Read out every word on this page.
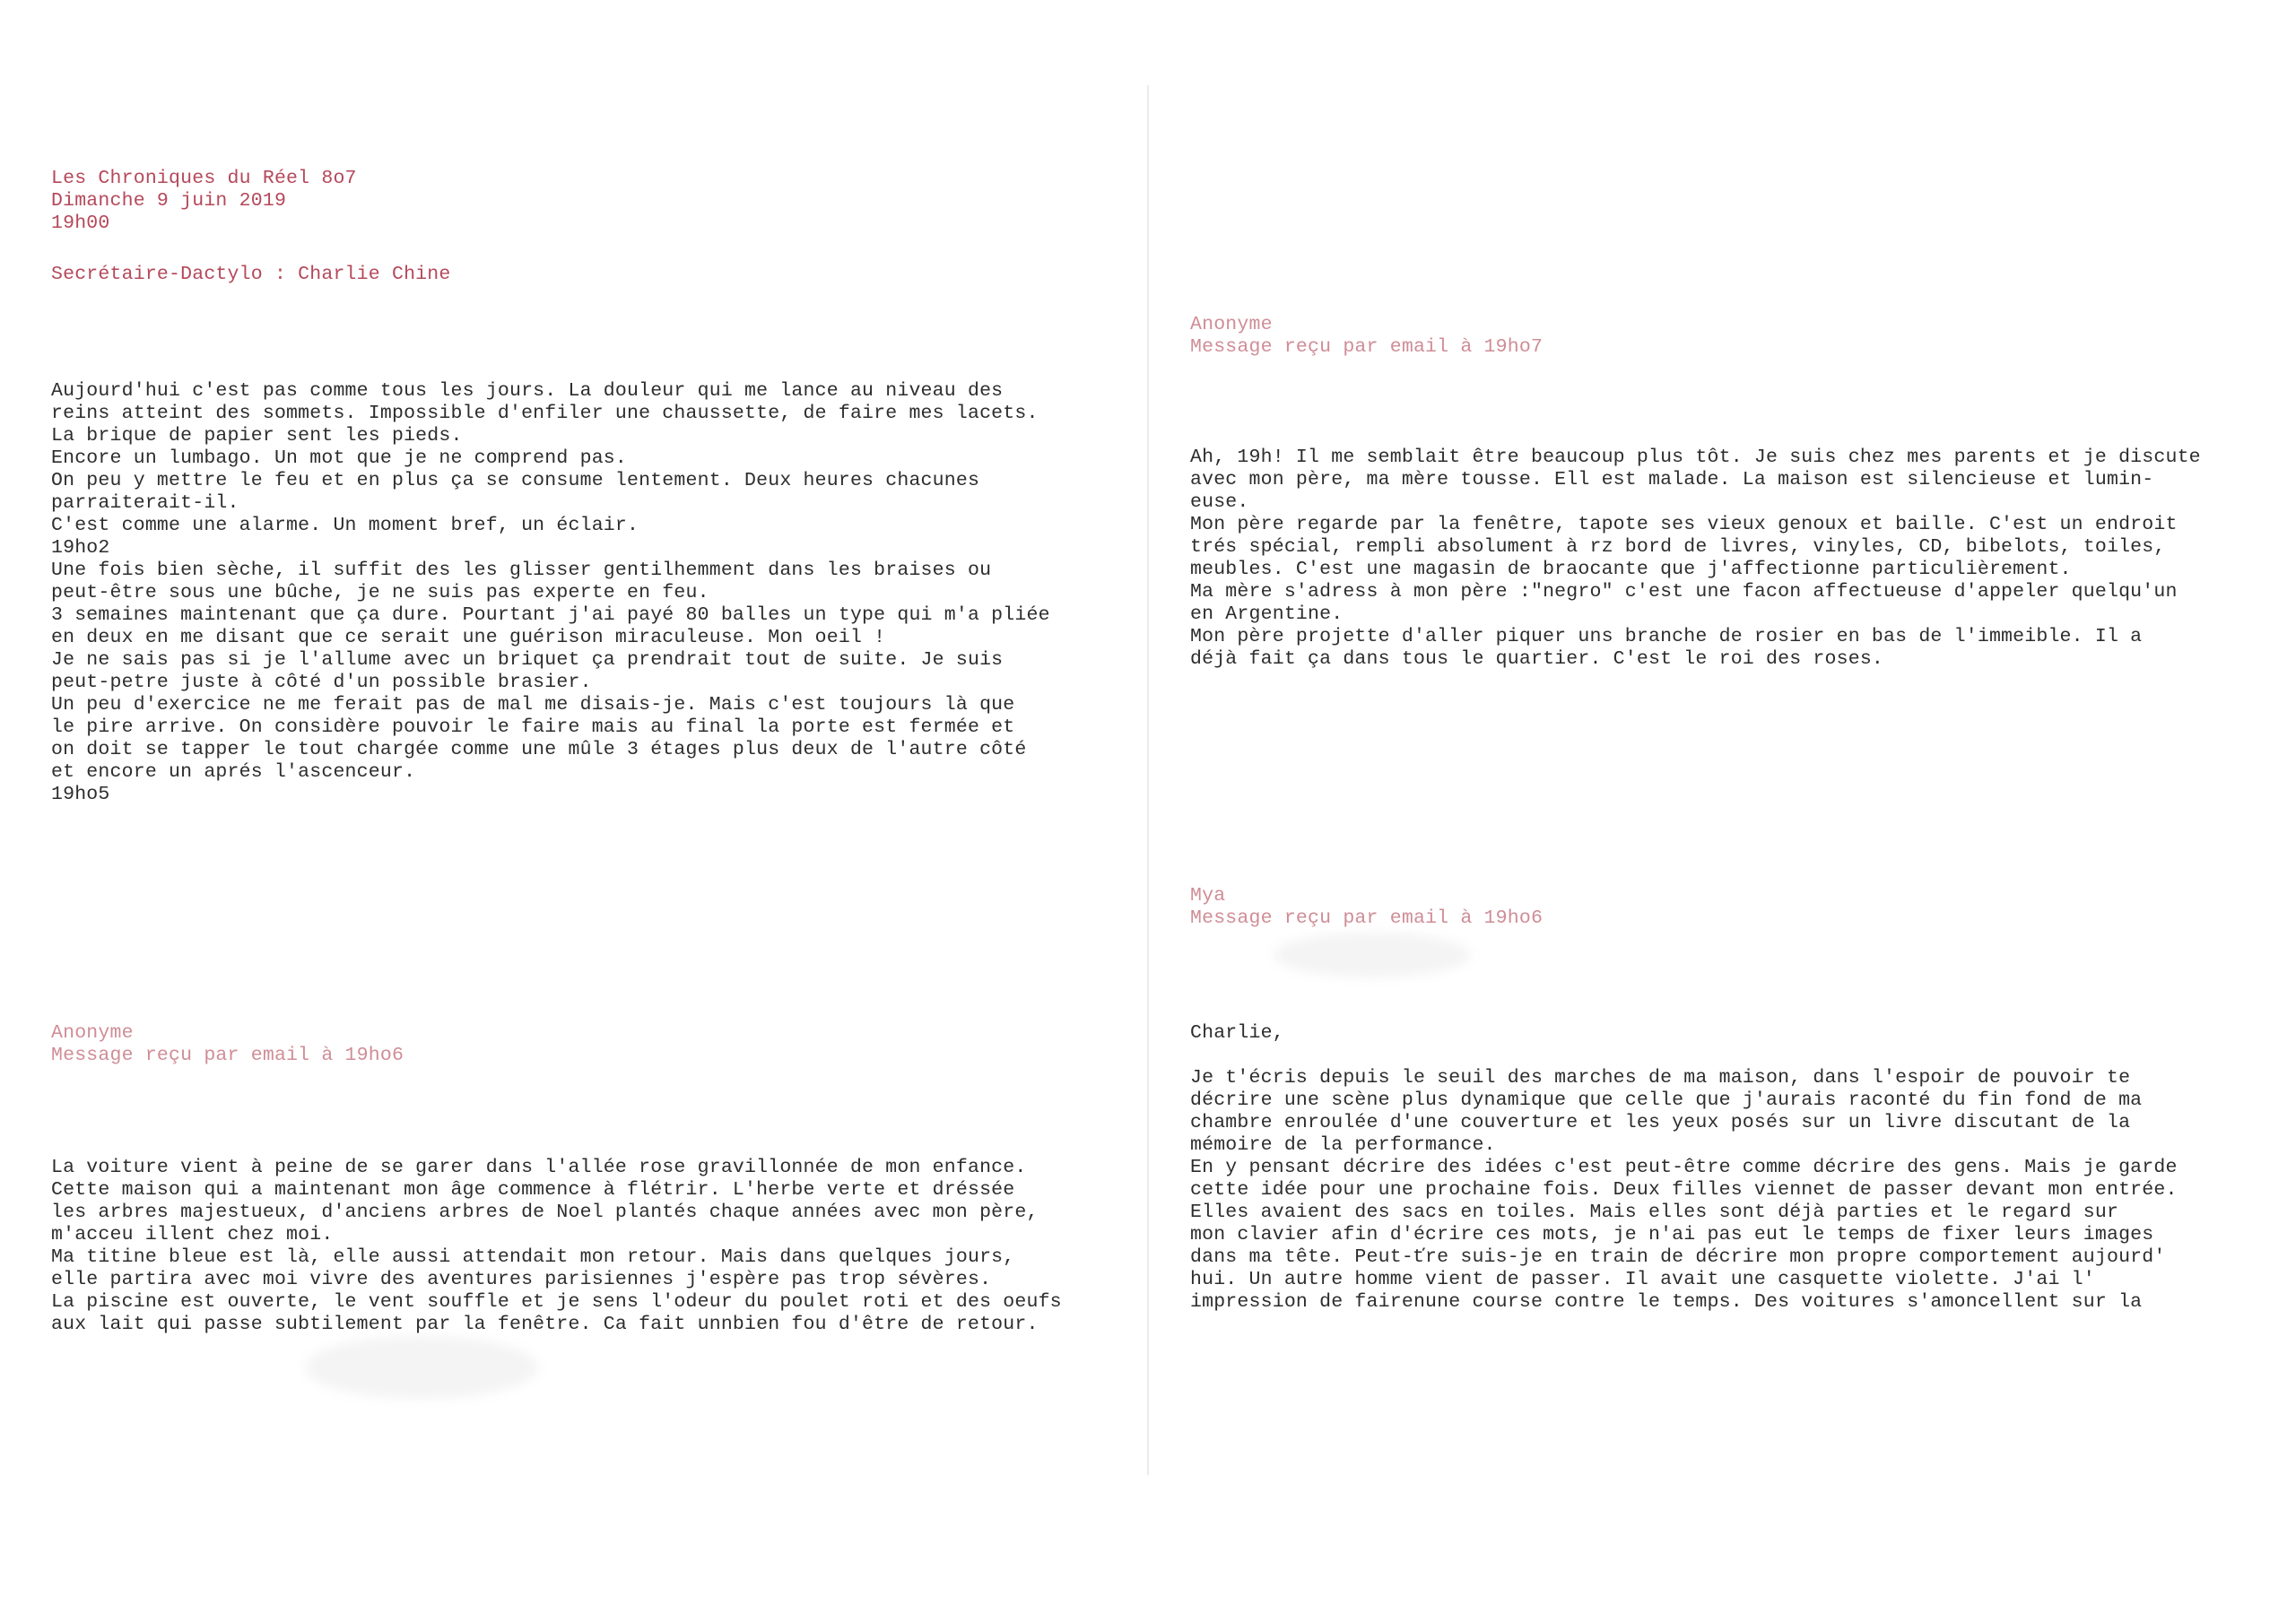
Les Chroniques du Réel 8o7
Dimanche 9 juin 2019
19h00
Secrétaire-Dactylo : Charlie Chine
Aujourd'hui c'est pas comme tous les jours. La douleur qui me lance au niveau des
reins atteint des sommets. Impossible d'enfiler une chaussette, de faire mes lacets.
La brique de papier sent les pieds.
Encore un lumbago. Un mot que je ne comprend pas.
On peu y mettre le feu et en plus ça se consume lentement. Deux heures chacunes
parraiterait-il.
C'est comme une alarme. Un moment bref, un éclair.
19ho2
Une fois bien sèche, il suffit des les glisser gentilhemment dans les braises ou
peut-être sous une bûche, je ne suis pas experte en feu.
3 semaines maintenant que ça dure. Pourtant j'ai payé 80 balles un type qui m'a pliée
en deux en me disant que ce serait une guérison miraculeuse. Mon oeil !
Je ne sais pas si je l'allume avec un briquet ça prendrait tout de suite. Je suis
peut-petre juste à côté d'un possible brasier.
Un peu d'exercice ne me ferait pas de mal me disais-je. Mais c'est toujours là que
le pire arrive. On considère pouvoir le faire mais au final la porte est fermée et
on doit se tapper le tout chargée comme une mûle 3 étages plus deux de l'autre côté
et encore un aprés l'ascenceur.
19ho5
Anonyme
Message reçu par email à 19ho6
La voiture vient à peine de se garer dans l'allée rose gravillonnée de mon enfance.
Cette maison qui a maintenant mon âge commence à flétrir. L'herbe verte et dréssée
les arbres majestueux, d'anciens arbres de Noel plantés chaque années avec mon père,
m'acceu illent chez moi.
Ma titine bleue est là, elle aussi attendait mon retour. Mais dans quelques jours,
elle partira avec moi vivre des aventures parisiennes j'espère pas trop sévères.
La piscine est ouverte, le vent souffle et je sens l'odeur du poulet roti et des oeufs
aux lait qui passe subtilement par la fenêtre. Ca fait unnbien fou d'être de retour.
Anonyme
Message reçu par email à 19ho7
Ah, 19h! Il me semblait être beaucoup plus tôt. Je suis chez mes parents et je discute
avec mon père, ma mère tousse. Ell est malade. La maison est silencieuse et lumin-
euse.
Mon père regarde par la fenêtre, tapote ses vieux genoux et baille. C'est un endroit
trés spécial, rempli absolument à rz bord de livres, vinyles, CD, bibelots, toiles,
meubles. C'est une magasin de braocante que j'affectionne particulièrement.
Ma mère s'adress à mon père :"negro" c'est une facon affectueuse d'appeler quelqu'un
en Argentine.
Mon père projette d'aller piquer uns branche de rosier en bas de l'immeible. Il a
déjà fait ça dans tous le quartier. C'est le roi des roses.
Mya
Message reçu par email à 19ho6
Charlie,

Je t'écris depuis le seuil des marches de ma maison, dans l'espoir de pouvoir te
décrire une scène plus dynamique que celle que j'aurais raconté du fin fond de ma
chambre enroulée d'une couverture et les yeux posés sur un livre discutant de la
mémoire de la performance.
En y pensant décrire des idées c'est peut-être comme décrire des gens. Mais je garde
cette idée pour une prochaine fois. Deux filles viennet de passer devant mon entrée.
Elles avaient des sacs en toiles. Mais elles sont déjà parties et le regard sur
mon clavier afin d'écrire ces mots, je n'ai pas eut le temps de fixer leurs images
dans ma tête. Peut-ťre suis-je en train de décrire mon propre comportement aujourd'
hui. Un autre homme vient de passer. Il avait une casquette violette. J'ai l'
impression de fairenune course contre le temps. Des voitures s'amoncellent sur la
